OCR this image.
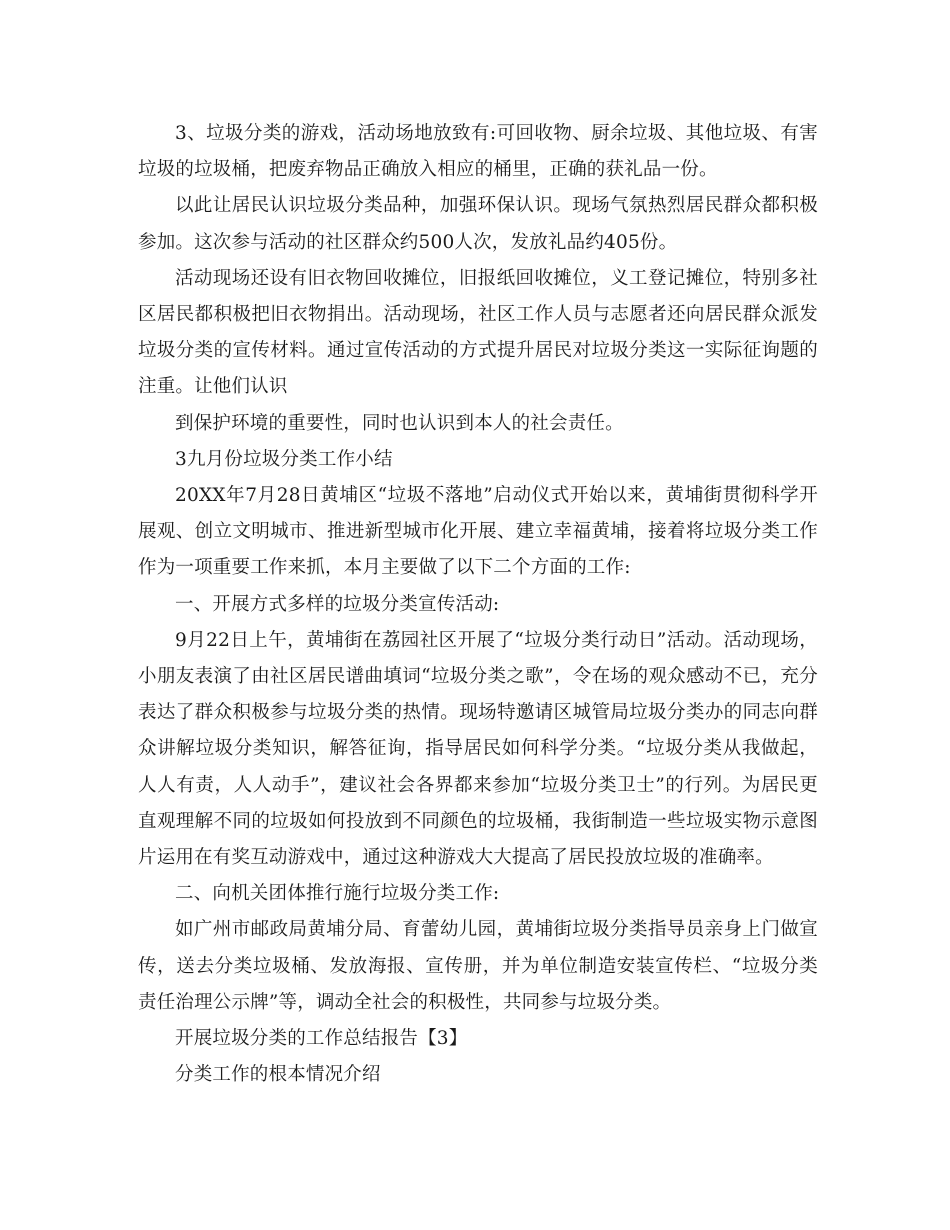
3、垃圾分类的游戏，活动场地放致有:可回收物、厨余垃圾、其他垃圾、有害垃圾的垃圾桶，把废弃物品正确放入相应的桶里，正确的获礼品一份。

以此让居民认识垃圾分类品种，加强环保认识。现场气氛热烈居民群众都积极参加。这次参与活动的社区群众约500人次，发放礼品约405份。

活动现场还设有旧衣物回收摊位，旧报纸回收摊位，义工登记摊位，特别多社区居民都积极把旧衣物捐出。活动现场，社区工作人员与志愿者还向居民群众派发垃圾分类的宣传材料。通过宣传活动的方式提升居民对垃圾分类这一实际征询题的注重。让他们认识

到保护环境的重要性，同时也认识到本人的社会责任。

3九月份垃圾分类工作小结

20XX年7月28日黄埔区“垃圾不落地”启动仪式开始以来，黄埔街贯彻科学开展观、创立文明城市、推进新型城市化开展、建立幸福黄埔，接着将垃圾分类工作作为一项重要工作来抓，本月主要做了以下二个方面的工作:

一、开展方式多样的垃圾分类宣传活动:

9月22日上午，黄埔街在荔园社区开展了“垃圾分类行动日”活动。活动现场，小朋友表演了由社区居民谱曲填词“垃圾分类之歌”，令在场的观众感动不已，充分表达了群众积极参与垃圾分类的热情。现场特邀请区城管局垃圾分类办的同志向群众讲解垃圾分类知识，解答征询，指导居民如何科学分类。“垃圾分类从我做起，人人有责，人人动手”，建议社会各界都来参加“垃圾分类卫士”的行列。为居民更直观理解不同的垃圾如何投放到不同颜色的垃圾桶，我街制造一些垃圾实物示意图片运用在有奖互动游戏中，通过这种游戏大大提高了居民投放垃圾的准确率。

二、向机关团体推行施行垃圾分类工作:

如广州市邮政局黄埔分局、育蕾幼儿园，黄埔街垃圾分类指导员亲身上门做宣传，送去分类垃圾桶、发放海报、宣传册，并为单位制造安装宣传栏、“垃圾分类责任治理公示牌”等，调动全社会的积极性，共同参与垃圾分类。

开展垃圾分类的工作总结报告【3】

分类工作的根本情况介绍
